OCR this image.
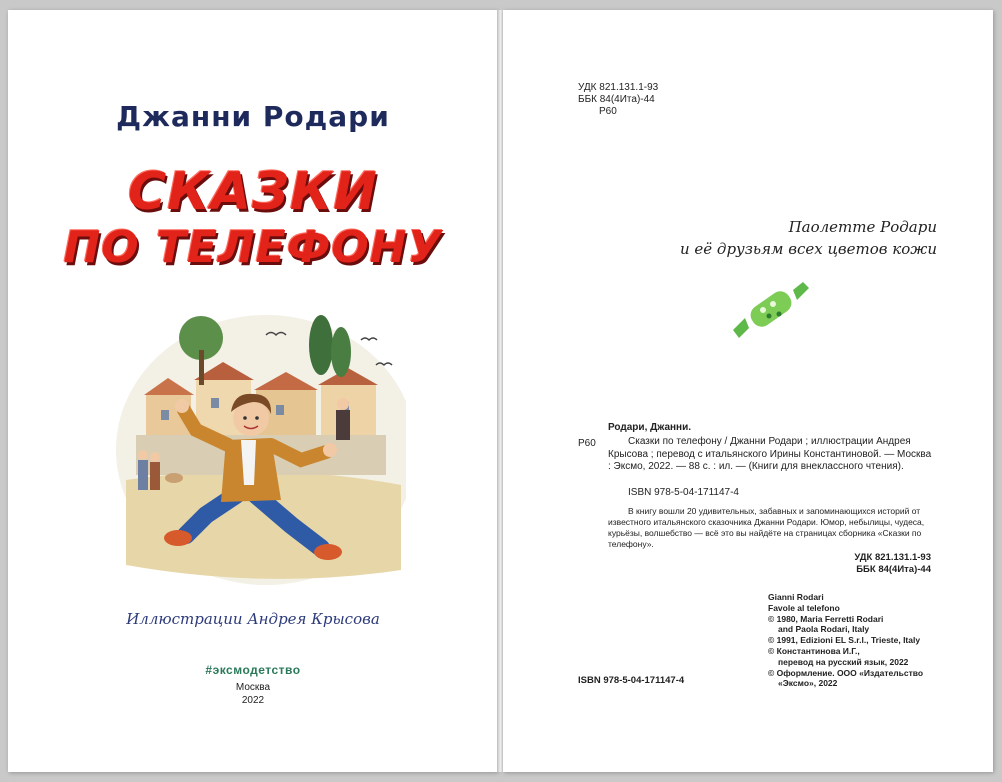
Джанни Родари
СКАЗКИ
ПО ТЕЛЕФОНУ
Иллюстрации Андрея Крысова
#эксмодетство
Москва
2022
УДК 821.131.1-93
ББК 84(4Ита)-44
Р60
Паолетте Родари
и её друзьям всех цветов кожи
Родари, Джанни.
Р60	Сказки по телефону / Джанни Родари ; иллюстрации Андрея Крысова ; перевод с итальянского Ирины Константиновой. — Москва : Эксмо, 2022. — 88 с. : ил. — (Книги для внеклассного чтения).
ISBN 978-5-04-171147-4
В книгу вошли 20 удивительных, забавных и запоминающихся историй от известного итальянского сказочника Джанни Родари. Юмор, небылицы, чудеса, курьёзы, волшебство — всё это вы найдёте на страницах сборника «Сказки по телефону».
УДК 821.131.1-93
ББК 84(4Ита)-44
Gianni Rodari
Favole al telefono
© 1980, Maria Ferretti Rodari
and Paola Rodari, Italy
© 1991, Edizioni EL S.r.l., Trieste, Italy
© Константинова И.Г.,
перевод на русский язык, 2022
© Оформление. ООО «Издательство
«Эксмо», 2022
ISBN 978-5-04-171147-4
